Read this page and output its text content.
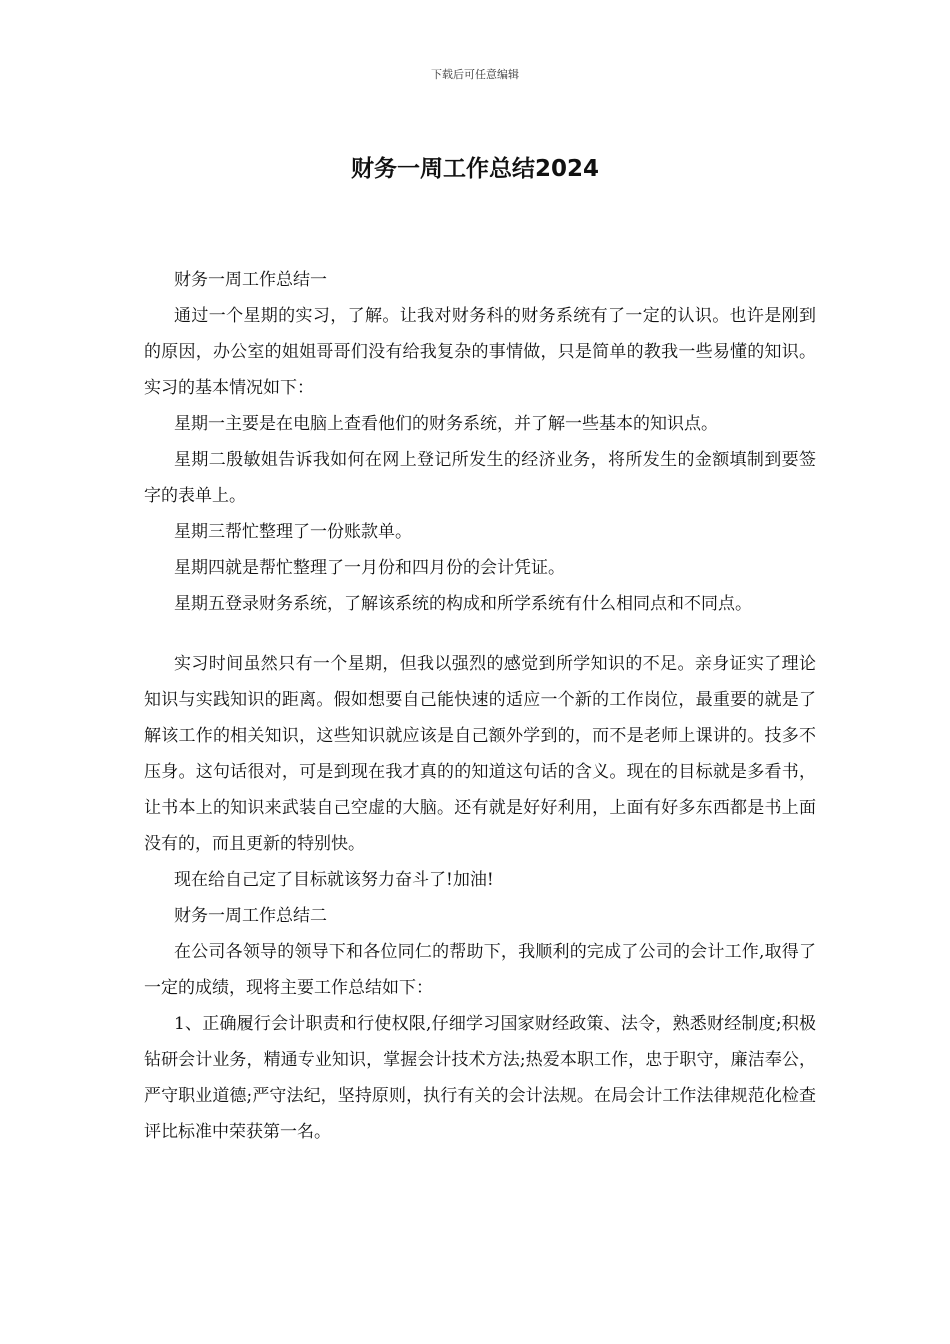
下载后可任意编辑
财务一周工作总结2024

财务一周工作总结一

通过一个星期的实习，了解。让我对财务科的财务系统有了一定的认识。也许是刚到的原因，办公室的姐姐哥哥们没有给我复杂的事情做，只是简单的教我一些易懂的知识。实习的基本情况如下：

星期一主要是在电脑上查看他们的财务系统，并了解一些基本的知识点。

星期二殷敏姐告诉我如何在网上登记所发生的经济业务，将所发生的金额填制到要签字的表单上。

星期三帮忙整理了一份账款单。

星期四就是帮忙整理了一月份和四月份的会计凭证。

星期五登录财务系统，了解该系统的构成和所学系统有什么相同点和不同点。

实习时间虽然只有一个星期，但我以强烈的感觉到所学知识的不足。亲身证实了理论知识与实践知识的距离。假如想要自己能快速的适应一个新的工作岗位，最重要的就是了解该工作的相关知识，这些知识就应该是自己额外学到的，而不是老师上课讲的。技多不压身。这句话很对，可是到现在我才真的的知道这句话的含义。现在的目标就是多看书，让书本上的知识来武装自己空虚的大脑。还有就是好好利用，上面有好多东西都是书上面没有的，而且更新的特别快。

现在给自己定了目标就该努力奋斗了!加油!

财务一周工作总结二

在公司各领导的领导下和各位同仁的帮助下，我顺利的完成了公司的会计工作,取得了一定的成绩，现将主要工作总结如下：

1、正确履行会计职责和行使权限,仔细学习国家财经政策、法令，熟悉财经制度;积极钻研会计业务，精通专业知识，掌握会计技术方法;热爱本职工作，忠于职守，廉洁奉公，严守职业道德;严守法纪，坚持原则，执行有关的会计法规。在局会计工作法律规范化检查评比标准中荣获第一名。
